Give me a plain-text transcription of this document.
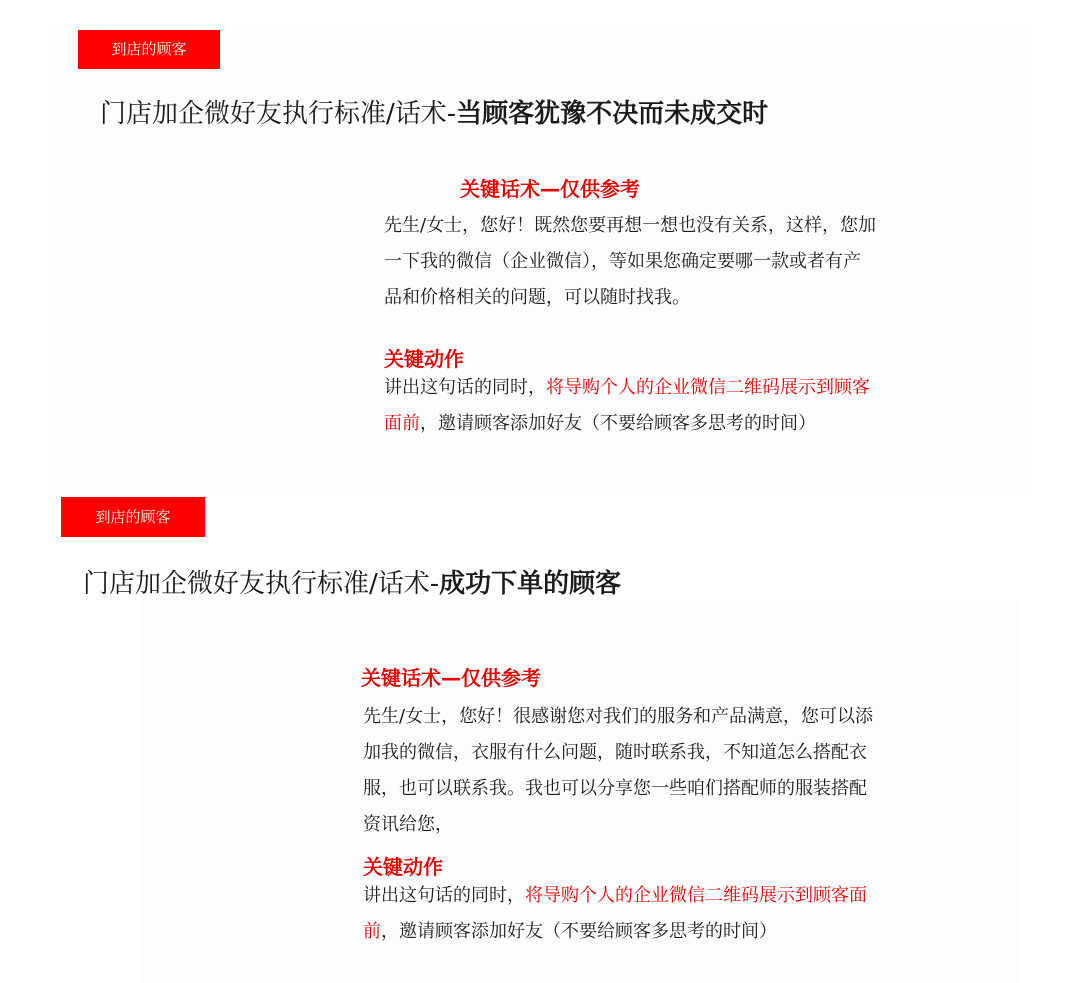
到店的顾客
门店加企微好友执行标准/话术-当顾客犹豫不决而未成交时
关键话术—仅供参考
先生/女士，您好！既然您要再想一想也没有关系，这样，您加
一下我的微信（企业微信），等如果您确定要哪一款或者有产
品和价格相关的问题，可以随时找我。
关键动作
讲出这句话的同时，将导购个人的企业微信二维码展示到顾客
面前，邀请顾客添加好友（不要给顾客多思考的时间）
到店的顾客
门店加企微好友执行标准/话术-成功下单的顾客
关键话术—仅供参考
先生/女士，您好！很感谢您对我们的服务和产品满意，您可以添
加我的微信，衣服有什么问题，随时联系我，不知道怎么搭配衣
服，也可以联系我。我也可以分享您一些咱们搭配师的服装搭配
资讯给您，
关键动作
讲出这句话的同时，将导购个人的企业微信二维码展示到顾客面
前，邀请顾客添加好友（不要给顾客多思考的时间）
